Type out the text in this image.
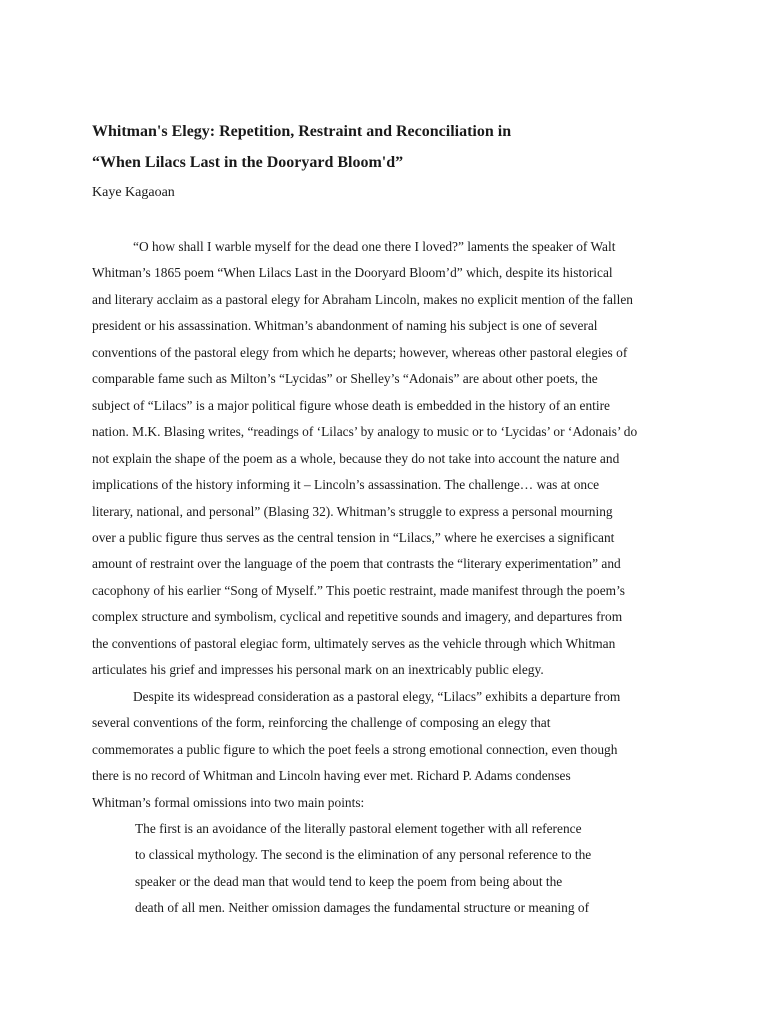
Whitman's Elegy: Repetition, Restraint and Reconciliation in
“When Lilacs Last in the Dooryard Bloom'd”
Kaye Kagaoan
“O how shall I warble myself for the dead one there I loved?” laments the speaker of Walt
Whitman’s 1865 poem “When Lilacs Last in the Dooryard Bloom’d” which, despite its historical
and literary acclaim as a pastoral elegy for Abraham Lincoln, makes no explicit mention of the fallen
president or his assassination. Whitman’s abandonment of naming his subject is one of several
conventions of the pastoral elegy from which he departs; however, whereas other pastoral elegies of
comparable fame such as Milton’s “Lycidas” or Shelley’s “Adonais” are about other poets, the
subject of “Lilacs” is a major political figure whose death is embedded in the history of an entire
nation. M.K. Blasing writes, “readings of ‘Lilacs’ by analogy to music or to ‘Lycidas’ or ‘Adonais’ do
not explain the shape of the poem as a whole, because they do not take into account the nature and
implications of the history informing it – Lincoln’s assassination. The challenge… was at once
literary, national, and personal” (Blasing 32). Whitman’s struggle to express a personal mourning
over a public figure thus serves as the central tension in “Lilacs,” where he exercises a significant
amount of restraint over the language of the poem that contrasts the “literary experimentation” and
cacophony of his earlier “Song of Myself.” This poetic restraint, made manifest through the poem’s
complex structure and symbolism, cyclical and repetitive sounds and imagery, and departures from
the conventions of pastoral elegiac form, ultimately serves as the vehicle through which Whitman
articulates his grief and impresses his personal mark on an inextricably public elegy.
Despite its widespread consideration as a pastoral elegy, “Lilacs” exhibits a departure from
several conventions of the form, reinforcing the challenge of composing an elegy that
commemorates a public figure to which the poet feels a strong emotional connection, even though
there is no record of Whitman and Lincoln having ever met. Richard P. Adams condenses
Whitman’s formal omissions into two main points:
The first is an avoidance of the literally pastoral element together with all reference
to classical mythology. The second is the elimination of any personal reference to the
speaker or the dead man that would tend to keep the poem from being about the
death of all men. Neither omission damages the fundamental structure or meaning of
